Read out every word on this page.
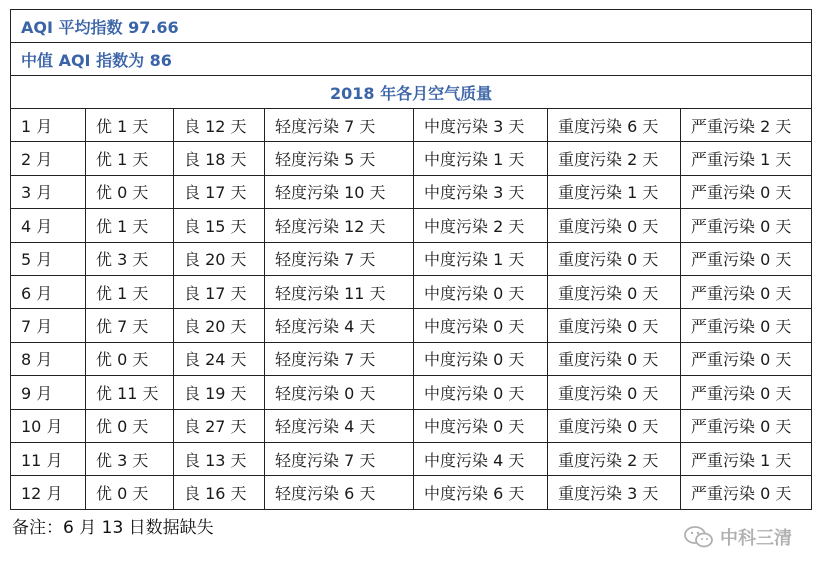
AQI 平均指数 97.66						
中值 AQI 指数为 86						
2018 年各月空气质量						
1 月	优 1 天	良 12 天	轻度污染 7 天	中度污染 3 天	重度污染 6 天	严重污染 2 天
2 月	优 1 天	良 18 天	轻度污染 5 天	中度污染 1 天	重度污染 2 天	严重污染 1 天
3 月	优 0 天	良 17 天	轻度污染 10 天	中度污染 3 天	重度污染 1 天	严重污染 0 天
4 月	优 1 天	良 15 天	轻度污染 12 天	中度污染 2 天	重度污染 0 天	严重污染 0 天
5 月	优 3 天	良 20 天	轻度污染 7 天	中度污染 1 天	重度污染 0 天	严重污染 0 天
6 月	优 1 天	良 17 天	轻度污染 11 天	中度污染 0 天	重度污染 0 天	严重污染 0 天
7 月	优 7 天	良 20 天	轻度污染 4 天	中度污染 0 天	重度污染 0 天	严重污染 0 天
8 月	优 0 天	良 24 天	轻度污染 7 天	中度污染 0 天	重度污染 0 天	严重污染 0 天
9 月	优 11 天	良 19 天	轻度污染 0 天	中度污染 0 天	重度污染 0 天	严重污染 0 天
10 月	优 0 天	良 27 天	轻度污染 4 天	中度污染 0 天	重度污染 0 天	严重污染 0 天
11 月	优 3 天	良 13 天	轻度污染 7 天	中度污染 4 天	重度污染 2 天	严重污染 1 天
12 月	优 0 天	良 16 天	轻度污染 6 天	中度污染 6 天	重度污染 3 天	严重污染 0 天
备注：6 月 13 日数据缺失	中科三清
